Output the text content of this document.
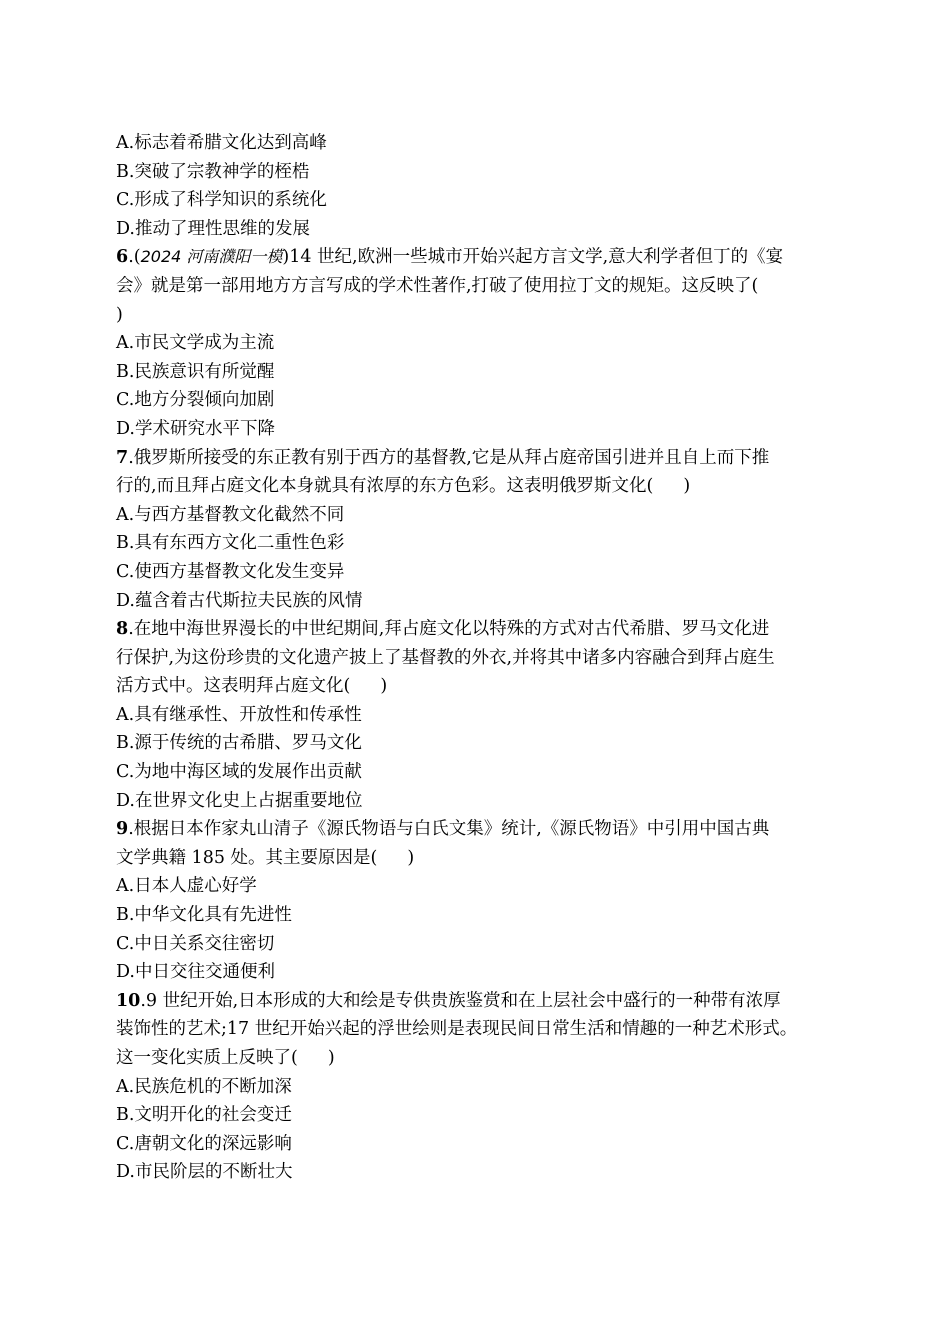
A.标志着希腊文化达到高峰
B.突破了宗教神学的桎梏
C.形成了科学知识的系统化
D.推动了理性思维的发展
6.(2024 河南濮阳一模)14 世纪,欧洲一些城市开始兴起方言文学,意大利学者但丁的《宴
会》就是第一部用地方方言写成的学术性著作,打破了使用拉丁文的规矩。这反映了(
)
A.市民文学成为主流
B.民族意识有所觉醒
C.地方分裂倾向加剧
D.学术研究水平下降
7.俄罗斯所接受的东正教有别于西方的基督教,它是从拜占庭帝国引进并且自上而下推
行的,而且拜占庭文化本身就具有浓厚的东方色彩。这表明俄罗斯文化( )
A.与西方基督教文化截然不同
B.具有东西方文化二重性色彩
C.使西方基督教文化发生变异
D.蕴含着古代斯拉夫民族的风情
8.在地中海世界漫长的中世纪期间,拜占庭文化以特殊的方式对古代希腊、罗马文化进
行保护,为这份珍贵的文化遗产披上了基督教的外衣,并将其中诸多内容融合到拜占庭生
活方式中。这表明拜占庭文化( )
A.具有继承性、开放性和传承性
B.源于传统的古希腊、罗马文化
C.为地中海区域的发展作出贡献
D.在世界文化史上占据重要地位
9.根据日本作家丸山清子《源氏物语与白氏文集》统计,《源氏物语》中引用中国古典
文学典籍 185 处。其主要原因是( )
A.日本人虚心好学
B.中华文化具有先进性
C.中日关系交往密切
D.中日交往交通便利
10.9 世纪开始,日本形成的大和绘是专供贵族鉴赏和在上层社会中盛行的一种带有浓厚
装饰性的艺术;17 世纪开始兴起的浮世绘则是表现民间日常生活和情趣的一种艺术形式。
这一变化实质上反映了( )
A.民族危机的不断加深
B.文明开化的社会变迁
C.唐朝文化的深远影响
D.市民阶层的不断壮大
